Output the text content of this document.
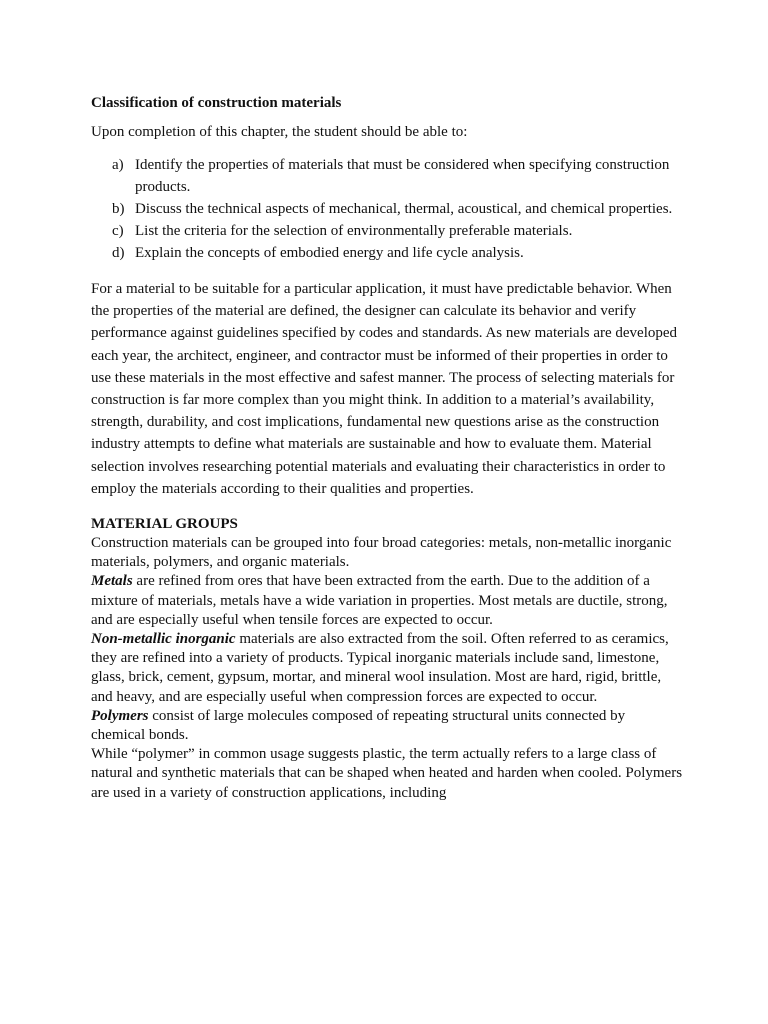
Classification of construction materials

Upon completion of this chapter, the student should be able to:

a) Identify the properties of materials that must be considered when specifying construction products.
b) Discuss the technical aspects of mechanical, thermal, acoustical, and chemical properties.
c) List the criteria for the selection of environmentally preferable materials.
d) Explain the concepts of embodied energy and life cycle analysis.

For a material to be suitable for a particular application, it must have predictable behavior. When the properties of the material are defined, the designer can calculate its behavior and verify performance against guidelines specified by codes and standards. As new materials are developed each year, the architect, engineer, and contractor must be informed of their properties in order to use these materials in the most effective and safest manner. The process of selecting materials for construction is far more complex than you might think. In addition to a material’s availability, strength, durability, and cost implications, fundamental new questions arise as the construction industry attempts to define what materials are sustainable and how to evaluate them. Material selection involves researching potential materials and evaluating their characteristics in order to employ the materials according to their qualities and properties.

MATERIAL GROUPS

Construction materials can be grouped into four broad categories: metals, non-metallic inorganic materials, polymers, and organic materials.

Metals are refined from ores that have been extracted from the earth. Due to the addition of a mixture of materials, metals have a wide variation in properties. Most metals are ductile, strong, and are especially useful when tensile forces are expected to occur.

Non-metallic inorganic materials are also extracted from the soil. Often referred to as ceramics, they are refined into a variety of products. Typical inorganic materials include sand, limestone, glass, brick, cement, gypsum, mortar, and mineral wool insulation. Most are hard, rigid, brittle, and heavy, and are especially useful when compression forces are expected to occur.

Polymers consist of large molecules composed of repeating structural units connected by chemical bonds.

While “polymer” in common usage suggests plastic, the term actually refers to a large class of natural and synthetic materials that can be shaped when heated and harden when cooled. Polymers are used in a variety of construction applications, including
